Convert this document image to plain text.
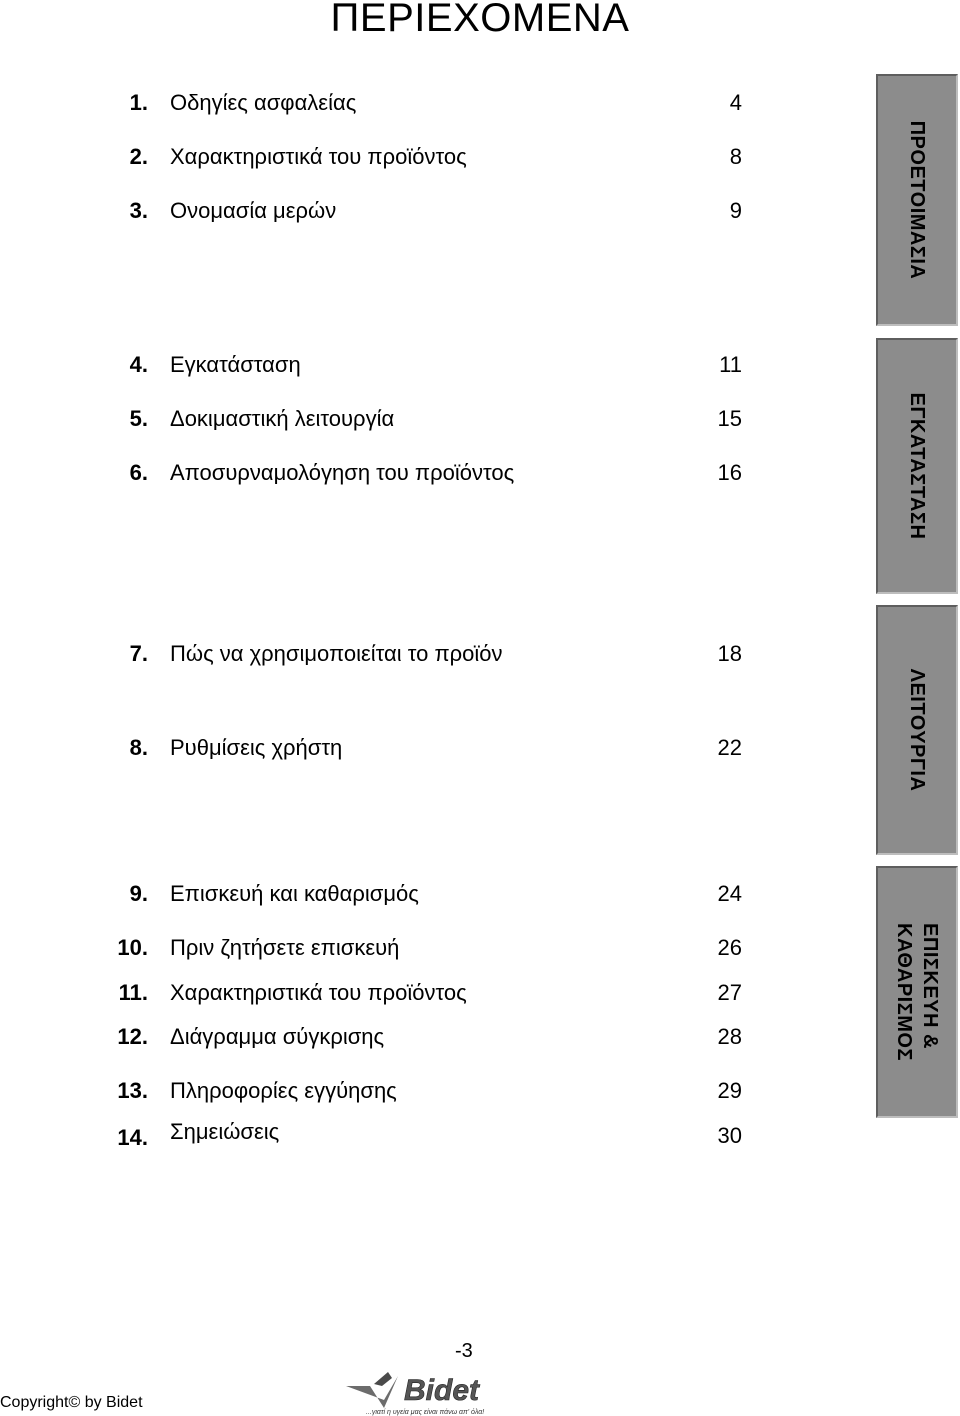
ΠΕΡΙΕΧΟΜΕΝΑ
1. Οδηγίες ασφαλείας	4
2. Χαρακτηριστικά του προϊόντος	8
3. Ονομασία μερών	9
4. Εγκατάσταση	11
5. Δοκιμαστική λειτουργία	15
6. Αποσυρναμολόγηση του προϊόντος	16
7. Πώς να χρησιμοποιείται το προϊόν	18
8. Ρυθμίσεις χρήστη	22
9. Επισκευή και καθαρισμός	24
10. Πριν ζητήσετε επισκευή	26
11. Χαρακτηριστικά του προϊόντος	27
12. Διάγραμμα σύγκρισης	28
13. Πληροφορίες εγγύησης	29
14. Σημειώσεις	30
ΠΡΟΕΤΟΙΜΑΣΙΑ
ΕΓΚΑΤΑΣΤΑΣΗ
ΛΕΙΤΟΥΡΓΙΑ
ΕΠΙΣΚΕΥΗ &
ΚΑΘΑΡΙΣΜΟΣ
-3
Copyright© by Bidet	Bidet
...γιατί η υγεία μας είναι πάνω απ' όλα!
